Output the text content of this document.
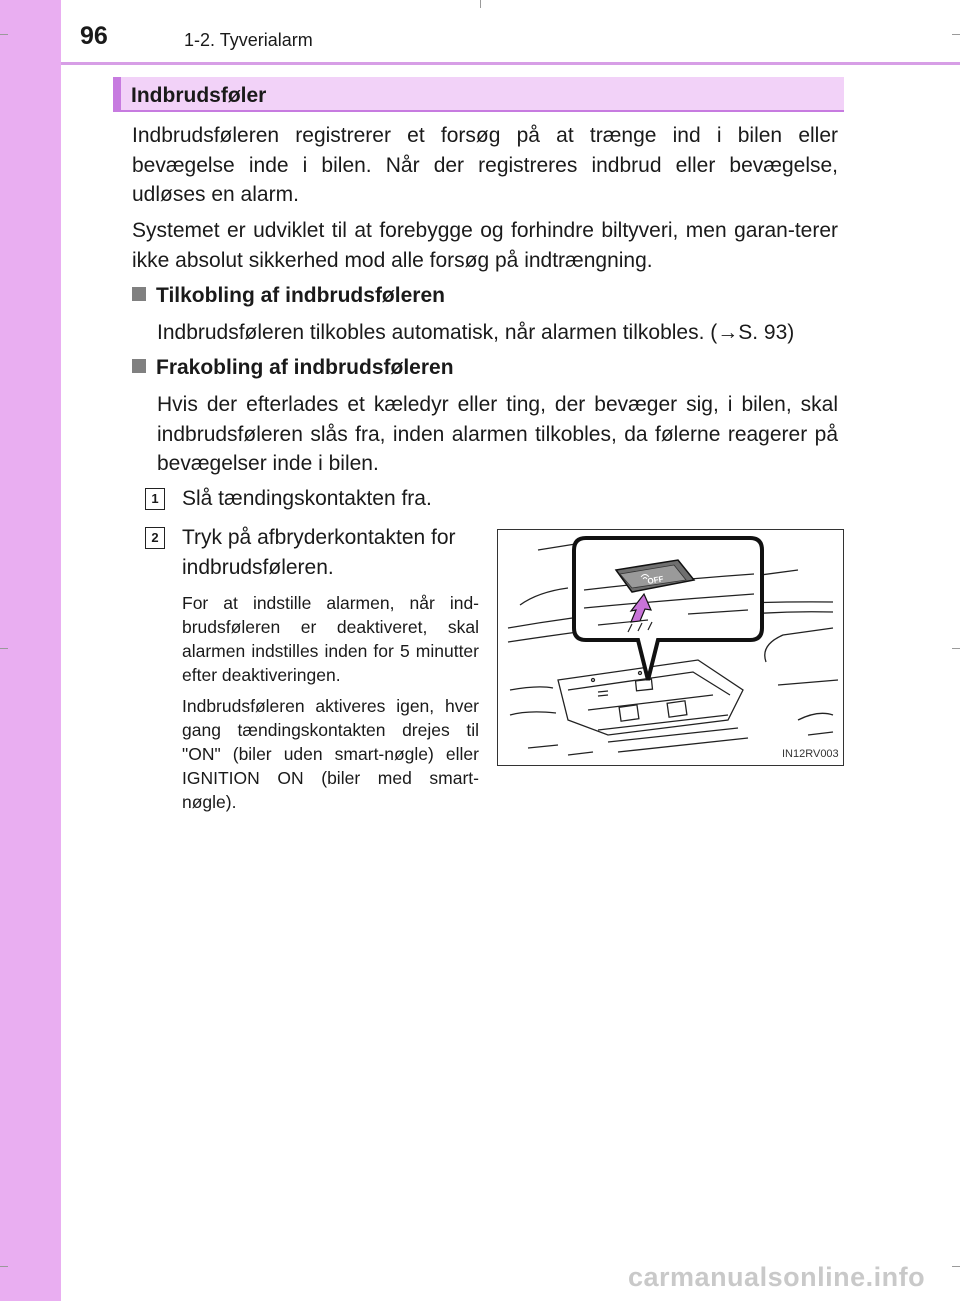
96	1-2. Tyverialarm
Indbrudsføler

Indbrudsføleren registrerer et forsøg på at trænge ind i bilen eller bevægelse inde i bilen. Når der registreres indbrud eller bevægelse, udløses en alarm.

Systemet er udviklet til at forebygge og forhindre biltyveri, men garan-terer ikke absolut sikkerhed mod alle forsøg på indtrængning.

Tilkobling af indbrudsføleren

Indbrudsføleren tilkobles automatisk, når alarmen tilkobles. (→S. 93)

Frakobling af indbrudsføleren

Hvis der efterlades et kæledyr eller ting, der bevæger sig, i bilen, skal indbrudsføleren slås fra, inden alarmen tilkobles, da følerne reagerer på bevægelser inde i bilen.

1	Slå tændingskontakten fra.

2	Tryk på afbryderkontakten for indbrudsføleren.

For at indstille alarmen, når ind-brudsføleren er deaktiveret, skal alarmen indstilles inden for 5 minutter efter deaktiveringen.

Indbrudsføleren aktiveres igen, hver gang tændingskontakten drejes til "ON" (biler uden smart-nøgle) eller IGNITION ON (biler med smart-nøgle).

OFF
IN12RV003
carmanualsonline.info
